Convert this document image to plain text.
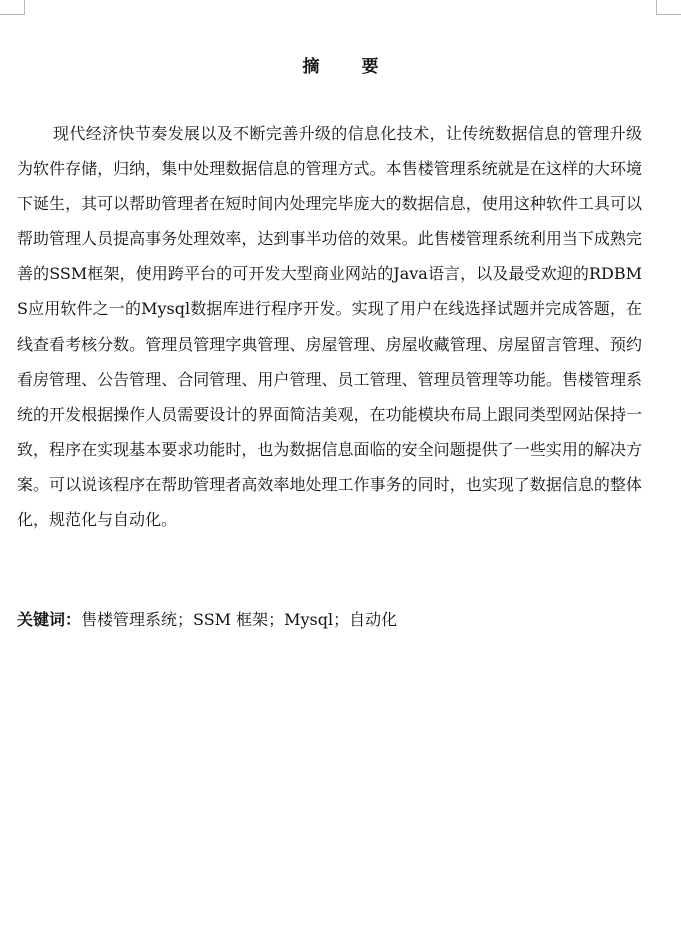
摘 要

现代经济快节奏发展以及不断完善升级的信息化技术，让传统数据信息的管理升级为软件存储，归纳，集中处理数据信息的管理方式。本售楼管理系统就是在这样的大环境下诞生，其可以帮助管理者在短时间内处理完毕庞大的数据信息，使用这种软件工具可以帮助管理人员提高事务处理效率，达到事半功倍的效果。此售楼管理系统利用当下成熟完善的SSM框架，使用跨平台的可开发大型商业网站的Java语言，以及最受欢迎的RDBMS应用软件之一的Mysql数据库进行程序开发。实现了用户在线选择试题并完成答题，在线查看考核分数。管理员管理字典管理、房屋管理、房屋收藏管理、房屋留言管理、预约看房管理、公告管理、合同管理、用户管理、员工管理、管理员管理等功能。售楼管理系统的开发根据操作人员需要设计的界面简洁美观，在功能模块布局上跟同类型网站保持一致，程序在实现基本要求功能时，也为数据信息面临的安全问题提供了一些实用的解决方案。可以说该程序在帮助管理者高效率地处理工作事务的同时，也实现了数据信息的整体化，规范化与自动化。

关键词：售楼管理系统；SSM 框架；Mysql；自动化
